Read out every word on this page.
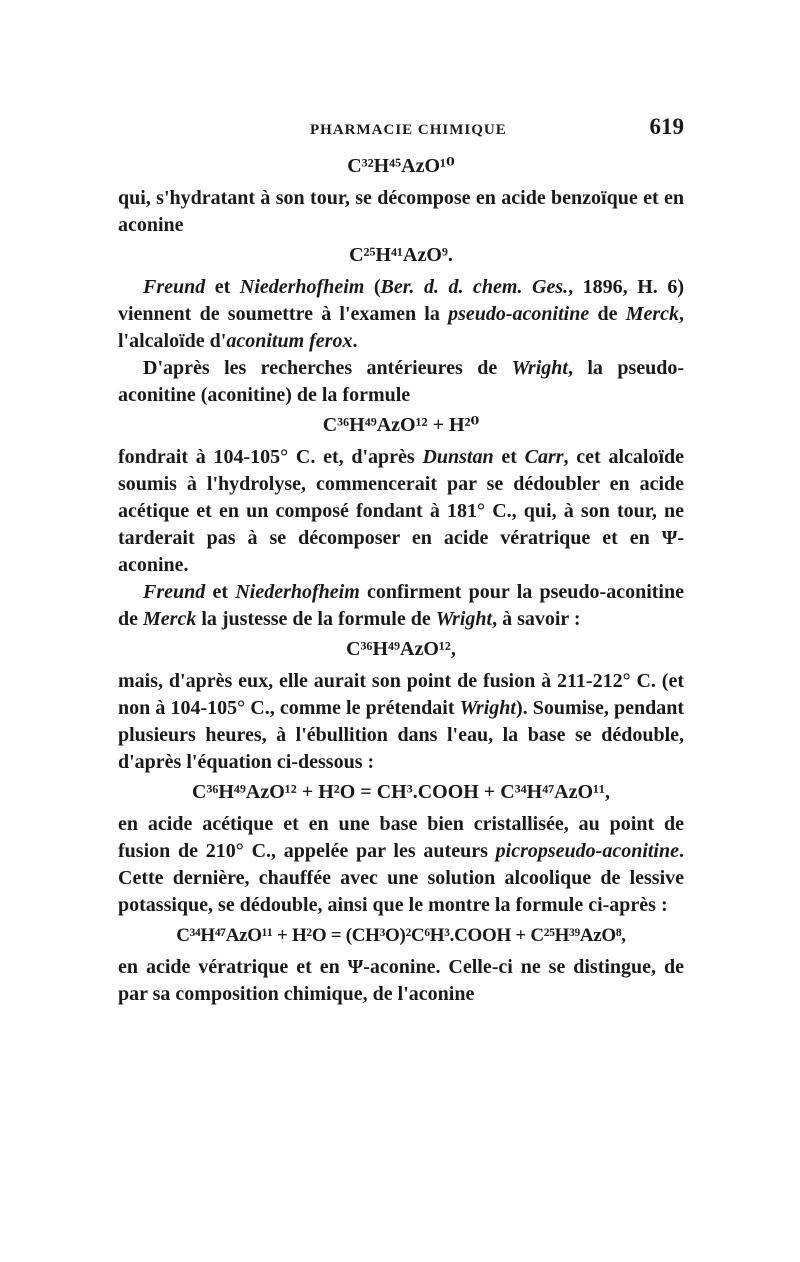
PHARMACIE CHIMIQUE	619
C³²H⁴⁵AzO¹⁰

qui, s'hydratant à son tour, se décompose en acide benzoïque et en aconine

C²⁵H⁴¹AzO⁹.

Freund et Niederhofheim (Ber. d. d. chem. Ges., 1896, H. 6) viennent de soumettre à l'examen la pseudo-aconitine de Merck, l'alcaloïde d'aconitum ferox.

D'après les recherches antérieures de Wright, la pseudo-aconitine (aconitine) de la formule

C³⁶H⁴⁹AzO¹² + H²⁰

fondrait à 104-105° C. et, d'après Dunstan et Carr, cet alcaloïde soumis à l'hydrolyse, commencerait par se dédoubler en acide acétique et en un composé fondant à 181° C., qui, à son tour, ne tarderait pas à se décomposer en acide vératrique et en Ψ-aconine.

Freund et Niederhofheim confirment pour la pseudo-aconitine de Merck la justesse de la formule de Wright, à savoir :

C³⁶H⁴⁹AzO¹²,

mais, d'après eux, elle aurait son point de fusion à 211-212° C. (et non à 104-105° C., comme le prétendait Wright). Soumise, pendant plusieurs heures, à l'ébullition dans l'eau, la base se dédouble, d'après l'équation ci-dessous :

C³⁶H⁴⁹AzO¹² + H²O = CH³.COOH + C³⁴H⁴⁷AzO¹¹,

en acide acétique et en une base bien cristallisée, au point de fusion de 210° C., appelée par les auteurs picropseudo-aconitine. Cette dernière, chauffée avec une solution alcoolique de lessive potassique, se dédouble, ainsi que le montre la formule ci-après :

C³⁴H⁴⁷AzO¹¹ + H²O = (CH³O)²C⁶H³.COOH + C²⁵H³⁹AzO⁸,

en acide vératrique et en Ψ-aconine. Celle-ci ne se distingue, de par sa composition chimique, de l'aconine
